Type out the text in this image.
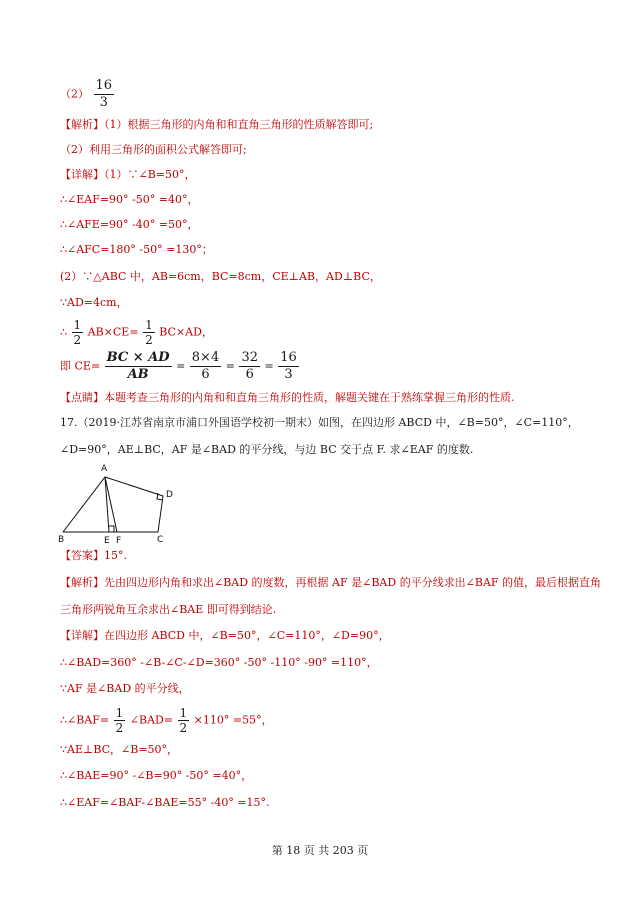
$(2) \frac{16}{3}$
【解析】（1）根据三角形的内角和和直角三角形的性质解答即可;
（2）利用三角形的面积公式解答即可;
【详解】（1）∵∠B=50°，
∴∠EAF=90° -50° =40°，
∴∠AFE=90° -40° =50°，
∴∠AFC=180° -50° =130°；
(2）∵△ABC 中，AB=6cm，BC=8cm，CE⊥AB，AD⊥BC，
∵AD=4cm，
∴ $\frac{1}{2} AB\times CE= \frac{1}{2} BC\times AD$，
即 $CE= \frac{BC \times AD}{AB} = \frac{8\times 4}{6} = \frac{32}{6} = \frac{16}{3}$
【点睛】本题考查三角形的内角和和直角三角形的性质，解题关键在于熟练掌握三角形的性质.
17.（2019·江苏省南京市浦口外国语学校初一期末）如图，在四边形 ABCD 中，∠B=50°，∠C=110°，
∠D=90°，AE⊥BC，AF 是∠BAD 的平分线，与边 BC 交于点 F. 求∠EAF 的度数.
A
B	C
D
E F
【答案】15°.
【解析】先由四边形内角和求出∠BAD 的度数，再根据 AF 是∠BAD 的平分线求出∠BAF 的值，最后根据直角
三角形两锐角互余求出∠BAE 即可得到结论.
【详解】在四边形 ABCD 中，∠B=50°，∠C=110°，∠D=90°，
∴∠BAD=360° -∠B-∠C-∠D=360° -50° -110° -90° =110°，
∵AF 是∠BAD 的平分线，
∴∠BAF= $\frac{1}{2}$ ∠BAD= $\frac{1}{2} \times 110^\circ =55^\circ$，
∵AE⊥BC，∠B=50°，
∴∠BAE=90° -∠B=90° -50° =40°，
∴∠EAF=∠BAF-∠BAE=55° -40° =15°.
第 18 页 共 203 页
